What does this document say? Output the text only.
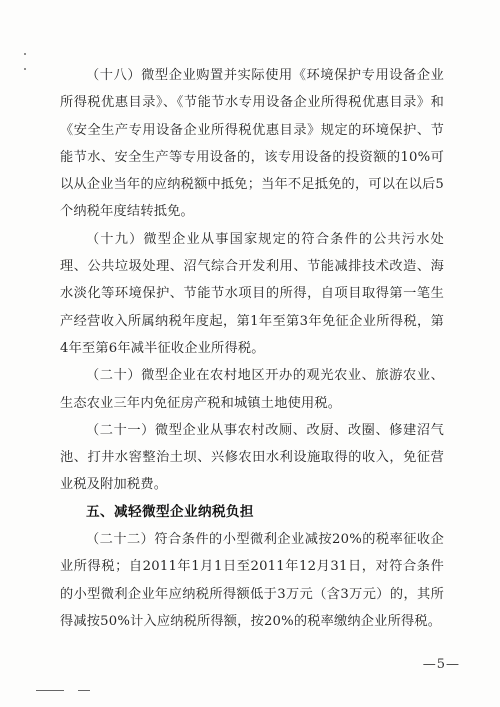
（十八）微型企业购置并实际使用《环境保护专用设备企业所得税优惠目录》、《节能节水专用设备企业所得税优惠目录》和《安全生产专用设备企业所得税优惠目录》规定的环境保护、节能节水、安全生产等专用设备的，该专用设备的投资额的10%可以从企业当年的应纳税额中抵免；当年不足抵免的，可以在以后5个纳税年度结转抵免。

（十九）微型企业从事国家规定的符合条件的公共污水处理、公共垃圾处理、沼气综合开发利用、节能减排技术改造、海水淡化等环境保护、节能节水项目的所得，自项目取得第一笔生产经营收入所属纳税年度起，第1年至第3年免征企业所得税，第4年至第6年减半征收企业所得税。

（二十）微型企业在农村地区开办的观光农业、旅游农业、生态农业三年内免征房产税和城镇土地使用税。

（二十一）微型企业从事农村改厕、改厨、改圈、修建沼气池、打井水窖整治土坝、兴修农田水利设施取得的收入，免征营业税及附加税费。

五、减轻微型企业纳税负担

（二十二）符合条件的小型微利企业减按20%的税率征收企业所得税；自2011年1月1日至2011年12月31日，对符合条件的小型微利企业年应纳税所得额低于3万元（含3万元）的，其所得减按50%计入应纳税所得额，按20%的税率缴纳企业所得税。

—5—
